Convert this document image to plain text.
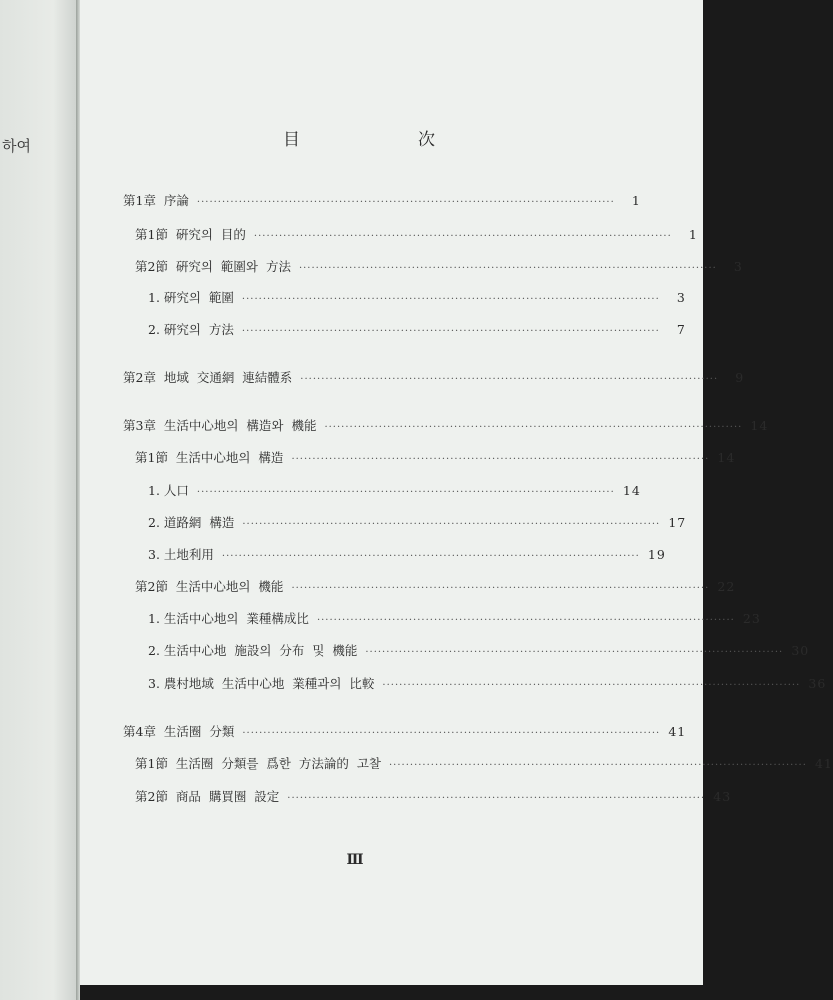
하여	目	次
第1章  序論 ····································································································	1
第1節  硏究의  目的 ····································································································	1
第2節  硏究의  範圍와  方法 ····································································································	3
1. 硏究의  範圍 ····································································································	3
2. 硏究의  方法 ····································································································	7
第2章  地域  交通網  連結體系 ····································································································	9
第3章  生活中心地의  構造와  機能 ···································································································· 14
第1節  生活中心地의  構造 ···································································································· 14
1. 人口 ···································································································· 14
2. 道路網  構造 ···································································································· 17
3. 土地利用 ···································································································· 19
第2節  生活中心地의  機能 ···································································································· 22
1. 生活中心地의  業種構成比 ···································································································· 23
2. 生活中心地  施設의  分布  및  機能 ···································································································· 30
3. 農村地域  生活中心地  業種과의  比較 ···································································································· 36
第4章  生活圈  分類 ···································································································· 41
第1節  生活圈  分類를  爲한  方法論的  고찰 ···································································································· 41
第2節  商品  購買圈  設定 ···································································································· 43
Ⅲ
